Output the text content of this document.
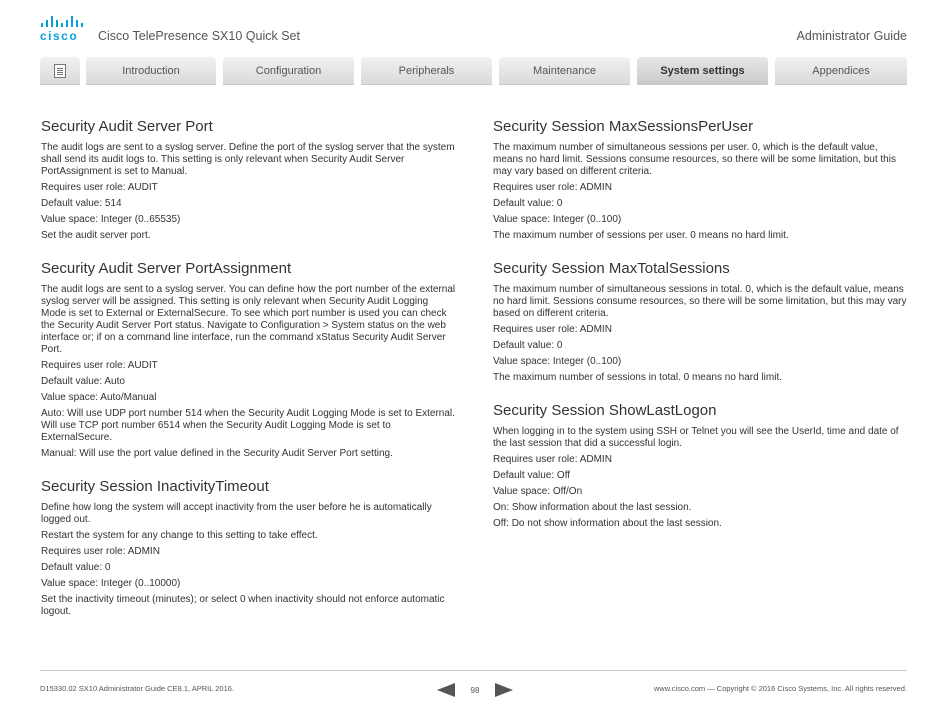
cisco	Cisco TelePresence SX10 Quick Set	Administrator Guide
Introduction	Configuration	Peripherals	Maintenance	System settings	Appendices
Security Audit Server Port

The audit logs are sent to a syslog server. Define the port of the syslog server that the system shall send its audit logs to. This setting is only relevant when Security Audit Server PortAssignment is set to Manual.

Requires user role: AUDIT

Default value: 514

Value space: Integer (0..65535)

Set the audit server port.

Security Audit Server PortAssignment

The audit logs are sent to a syslog server. You can define how the port number of the external syslog server will be assigned. This setting is only relevant when Security Audit Logging Mode is set to External or ExternalSecure. To see which port number is used you can check the Security Audit Server Port status. Navigate to Configuration > System status on the web interface or; if on a command line interface, run the command xStatus Security Audit Server Port.

Requires user role: AUDIT

Default value: Auto

Value space: Auto/Manual

Auto: Will use UDP port number 514 when the Security Audit Logging Mode is set to External. Will use TCP port number 6514 when the Security Audit Logging Mode is set to ExternalSecure.

Manual: Will use the port value defined in the Security Audit Server Port setting.

Security Session InactivityTimeout

Define how long the system will accept inactivity from the user before he is automatically logged out.

Restart the system for any change to this setting to take effect.

Requires user role: ADMIN

Default value: 0

Value space: Integer (0..10000)

Set the inactivity timeout (minutes); or select 0 when inactivity should not enforce automatic logout.

Security Session MaxSessionsPerUser

The maximum number of simultaneous sessions per user. 0, which is the default value, means no hard limit. Sessions consume resources, so there will be some limitation, but this may vary based on different criteria.

Requires user role: ADMIN

Default value: 0

Value space: Integer (0..100)

The maximum number of sessions per user. 0 means no hard limit.

Security Session MaxTotalSessions

The maximum number of simultaneous sessions in total. 0, which is the default value, means no hard limit. Sessions consume resources, so there will be some limitation, but this may vary based on different criteria.

Requires user role: ADMIN

Default value: 0

Value space: Integer (0..100)

The maximum number of sessions in total. 0 means no hard limit.

Security Session ShowLastLogon

When logging in to the system using SSH or Telnet you will see the UserId, time and date of the last session that did a successful login.

Requires user role: ADMIN

Default value: Off

Value space: Off/On

On: Show information about the last session.

Off: Do not show information about the last session.

D15330.02 SX10 Administrator Guide CE8.1, APRIL 2016.	98	www.cisco.com — Copyright © 2016 Cisco Systems, Inc. All rights reserved.
